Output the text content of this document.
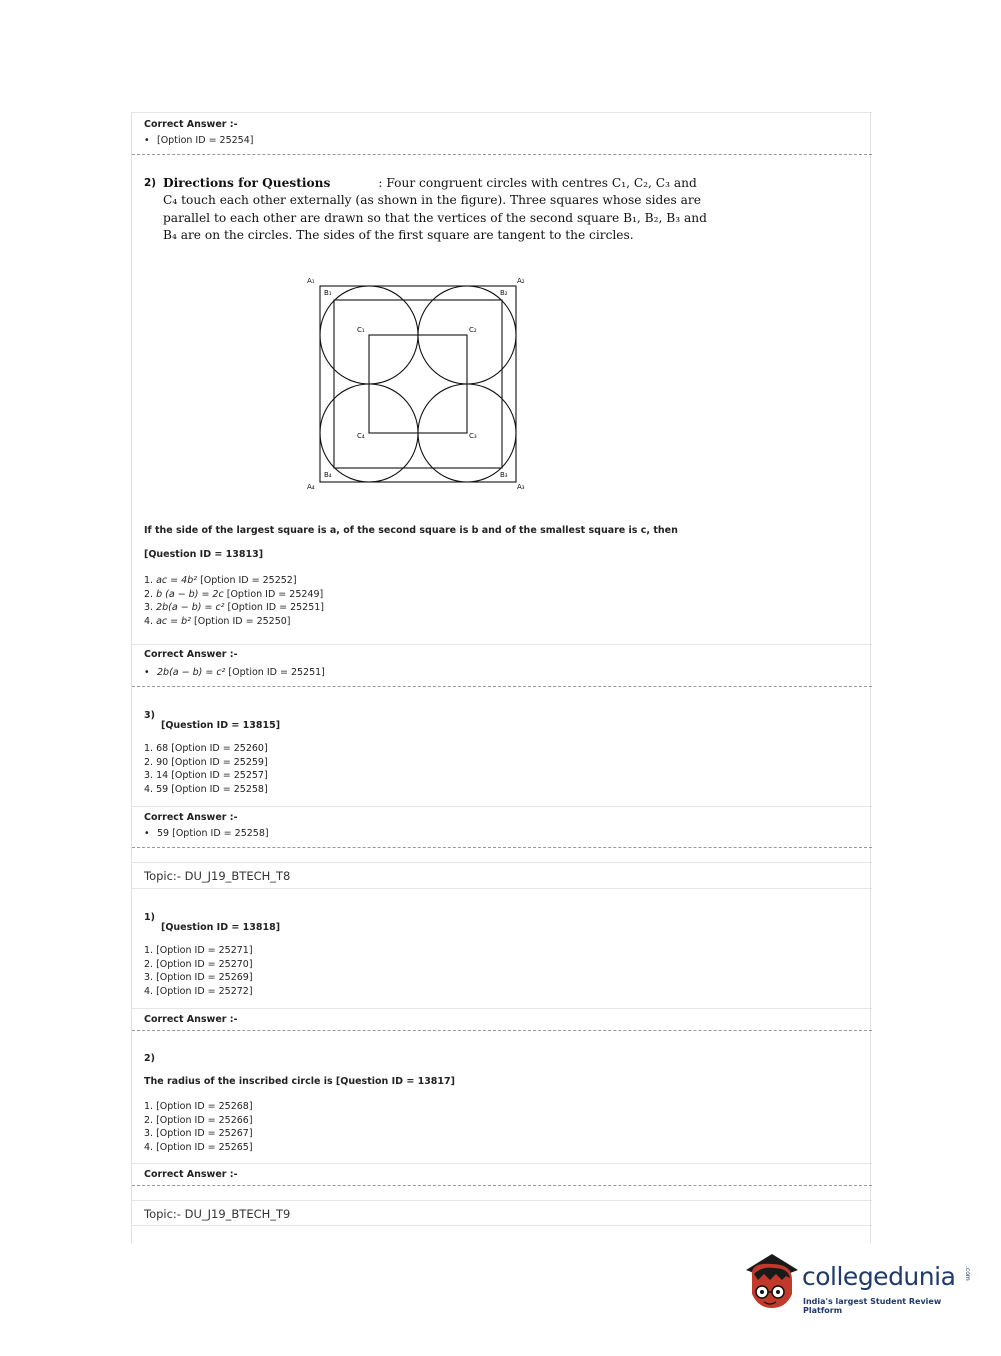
Correct Answer :-
• [Option ID = 25254]
2) Directions for Questions	: Four congruent circles with centres C₁, C₂, C₃ and
C₄ touch each other externally (as shown in the figure). Three squares whose sides are
parallel to each other are drawn so that the vertices of the second square B₁, B₂, B₃ and
B₄ are on the circles. The sides of the first square are tangent to the circles.
A₁	A₂
A₃
A₄
B₁	B₂
B₃
B₄
C₁	C₂
C₃
C₄
If the side of the largest square is a, of the second square is b and of the smallest square is c, then
[Question ID = 13813]
1. ac = 4b² [Option ID = 25252]
2. b (a − b) = 2c [Option ID = 25249]
3. 2b(a − b) = c² [Option ID = 25251]
4. ac = b² [Option ID = 25250]
Correct Answer :-
• 2b(a − b) = c² [Option ID = 25251]
3)
[Question ID = 13815]
1. 68 [Option ID = 25260]
2. 90 [Option ID = 25259]
3. 14 [Option ID = 25257]
4. 59 [Option ID = 25258]
Correct Answer :-
• 59 [Option ID = 25258]
Topic:- DU_J19_BTECH_T8
1)
[Question ID = 13818]
1. [Option ID = 25271]
2. [Option ID = 25270]
3. [Option ID = 25269]
4. [Option ID = 25272]
Correct Answer :-
2)
The radius of the inscribed circle is [Question ID = 13817]
1. [Option ID = 25268]
2. [Option ID = 25266]
3. [Option ID = 25267]
4. [Option ID = 25265]
Correct Answer :-
Topic:- DU_J19_BTECH_T9
collegedunia .com
India's largest Student Review Platform
